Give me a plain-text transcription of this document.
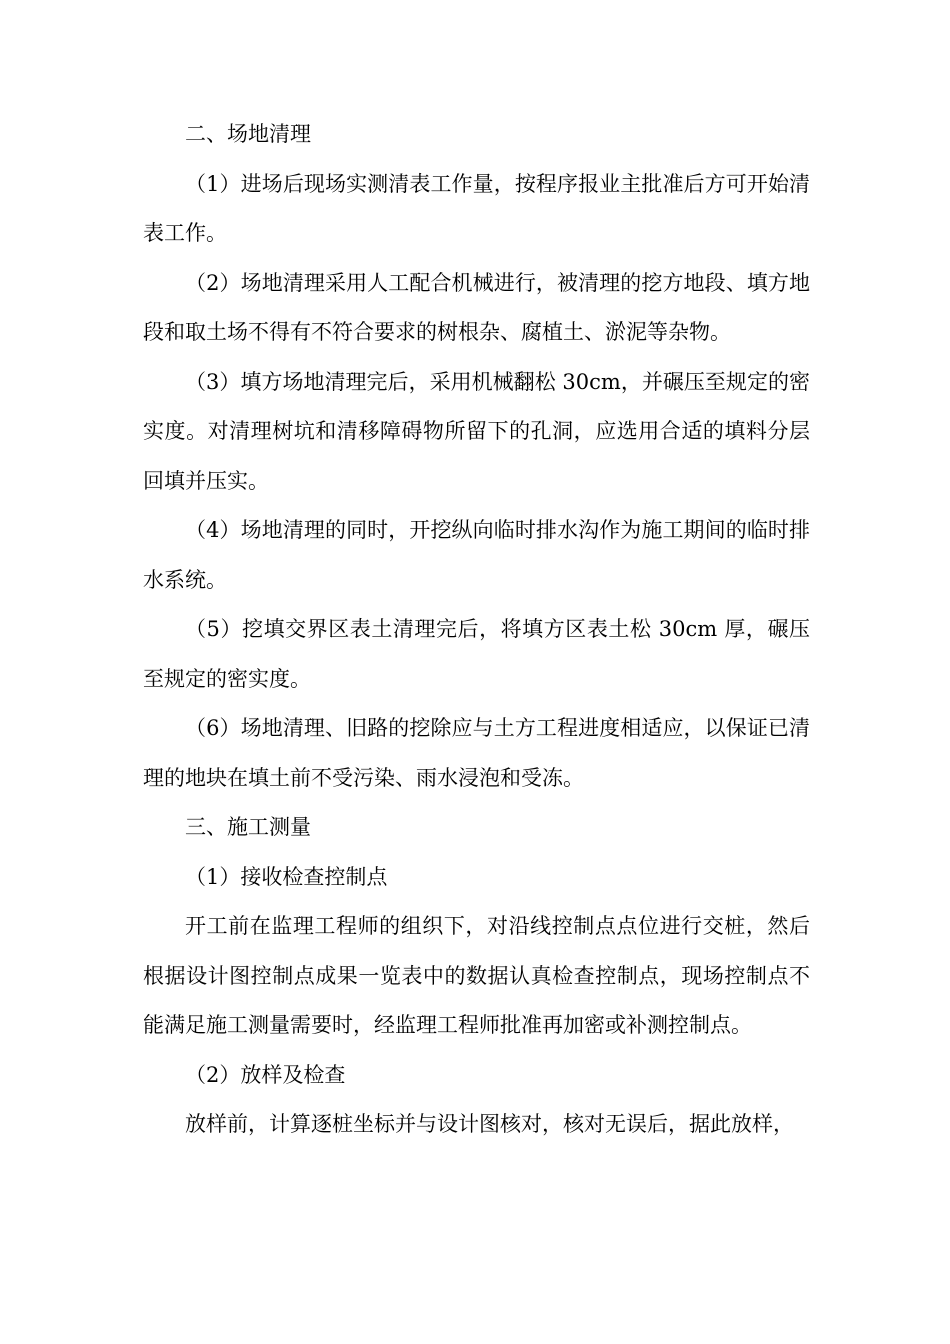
二、场地清理

（1）进场后现场实测清表工作量，按程序报业主批准后方可开始清表工作。

（2）场地清理采用人工配合机械进行，被清理的挖方地段、填方地段和取土场不得有不符合要求的树根杂、腐植土、淤泥等杂物。

（3）填方场地清理完后，采用机械翻松 30cm，并碾压至规定的密实度。对清理树坑和清移障碍物所留下的孔洞，应选用合适的填料分层回填并压实。

（4）场地清理的同时，开挖纵向临时排水沟作为施工期间的临时排水系统。

（5）挖填交界区表土清理完后，将填方区表土松 30cm 厚，碾压至规定的密实度。

（6）场地清理、旧路的挖除应与土方工程进度相适应，以保证已清理的地块在填土前不受污染、雨水浸泡和受冻。

三、施工测量

（1）接收检查控制点

开工前在监理工程师的组织下，对沿线控制点点位进行交桩，然后根据设计图控制点成果一览表中的数据认真检查控制点，现场控制点不能满足施工测量需要时，经监理工程师批准再加密或补测控制点。

（2）放样及检查

放样前，计算逐桩坐标并与设计图核对，核对无误后，据此放样，
